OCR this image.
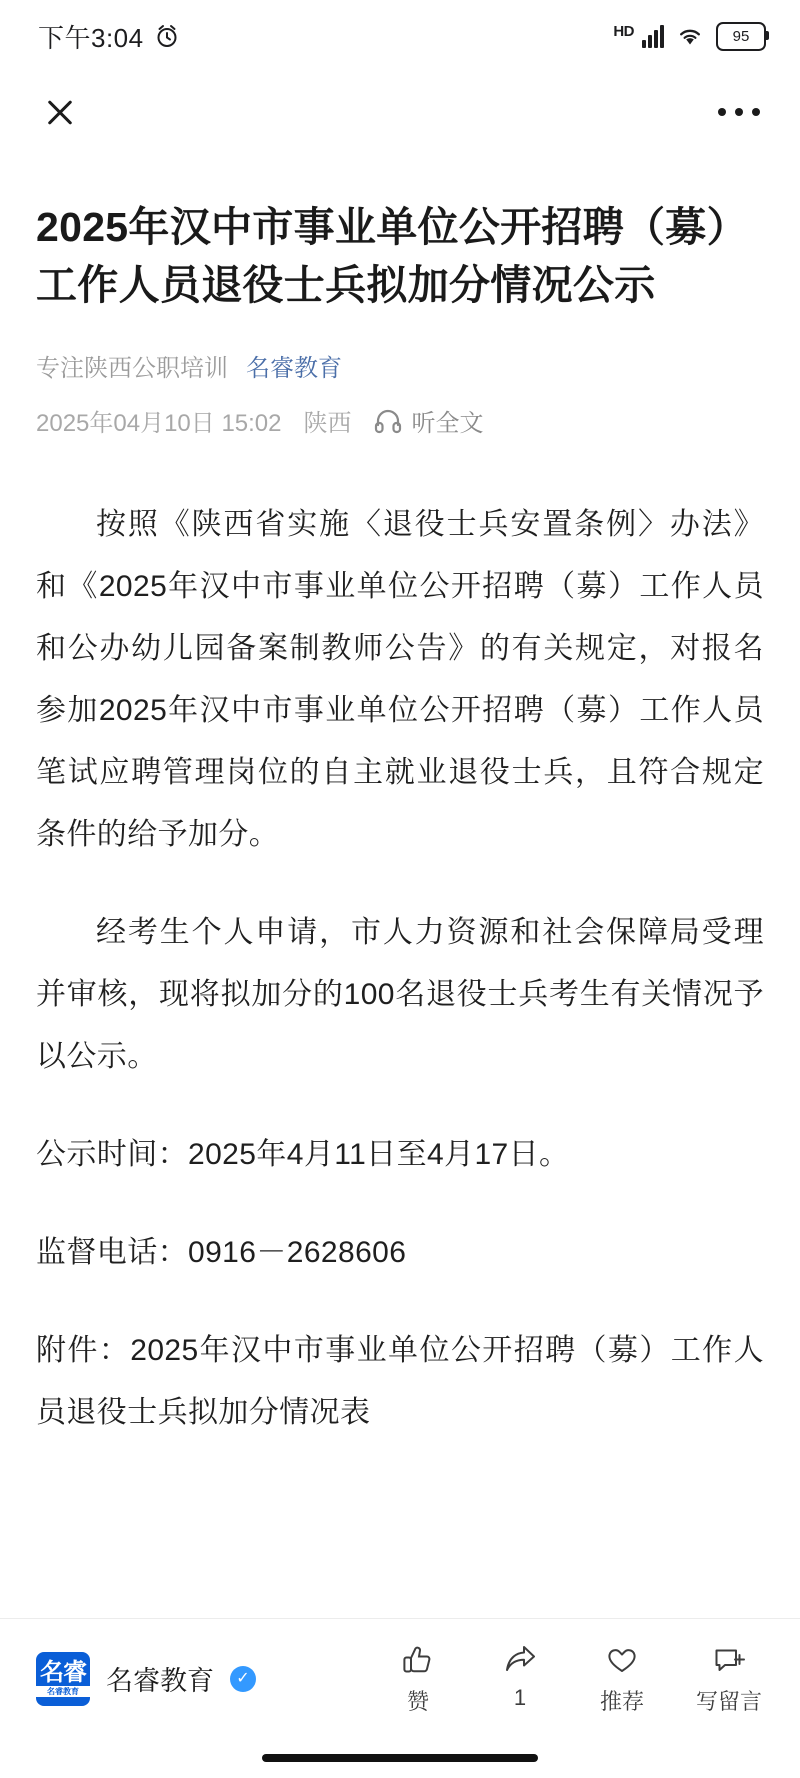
下午3:04	HD	95
2025年汉中市事业单位公开招聘（募）工作人员退役士兵拟加分情况公示
专注陕西公职培训 名睿教育
2025年04月10日 15:02 陕西	听全文

按照《陕西省实施〈退役士兵安置条例〉办法》和《2025年汉中市事业单位公开招聘（募）工作人员和公办幼儿园备案制教师公告》的有关规定，对报名参加2025年汉中市事业单位公开招聘（募）工作人员笔试应聘管理岗位的自主就业退役士兵，且符合规定条件的给予加分。

经考生个人申请，市人力资源和社会保障局受理并审核，现将拟加分的100名退役士兵考生有关情况予以公示。

公示时间：2025年4月11日至4月17日。

监督电话：0916－2628606

附件：2025年汉中市事业单位公开招聘（募）工作人员退役士兵拟加分情况表

名睿
名睿教育	名睿教育	✓
赞	1	推荐 写留言
